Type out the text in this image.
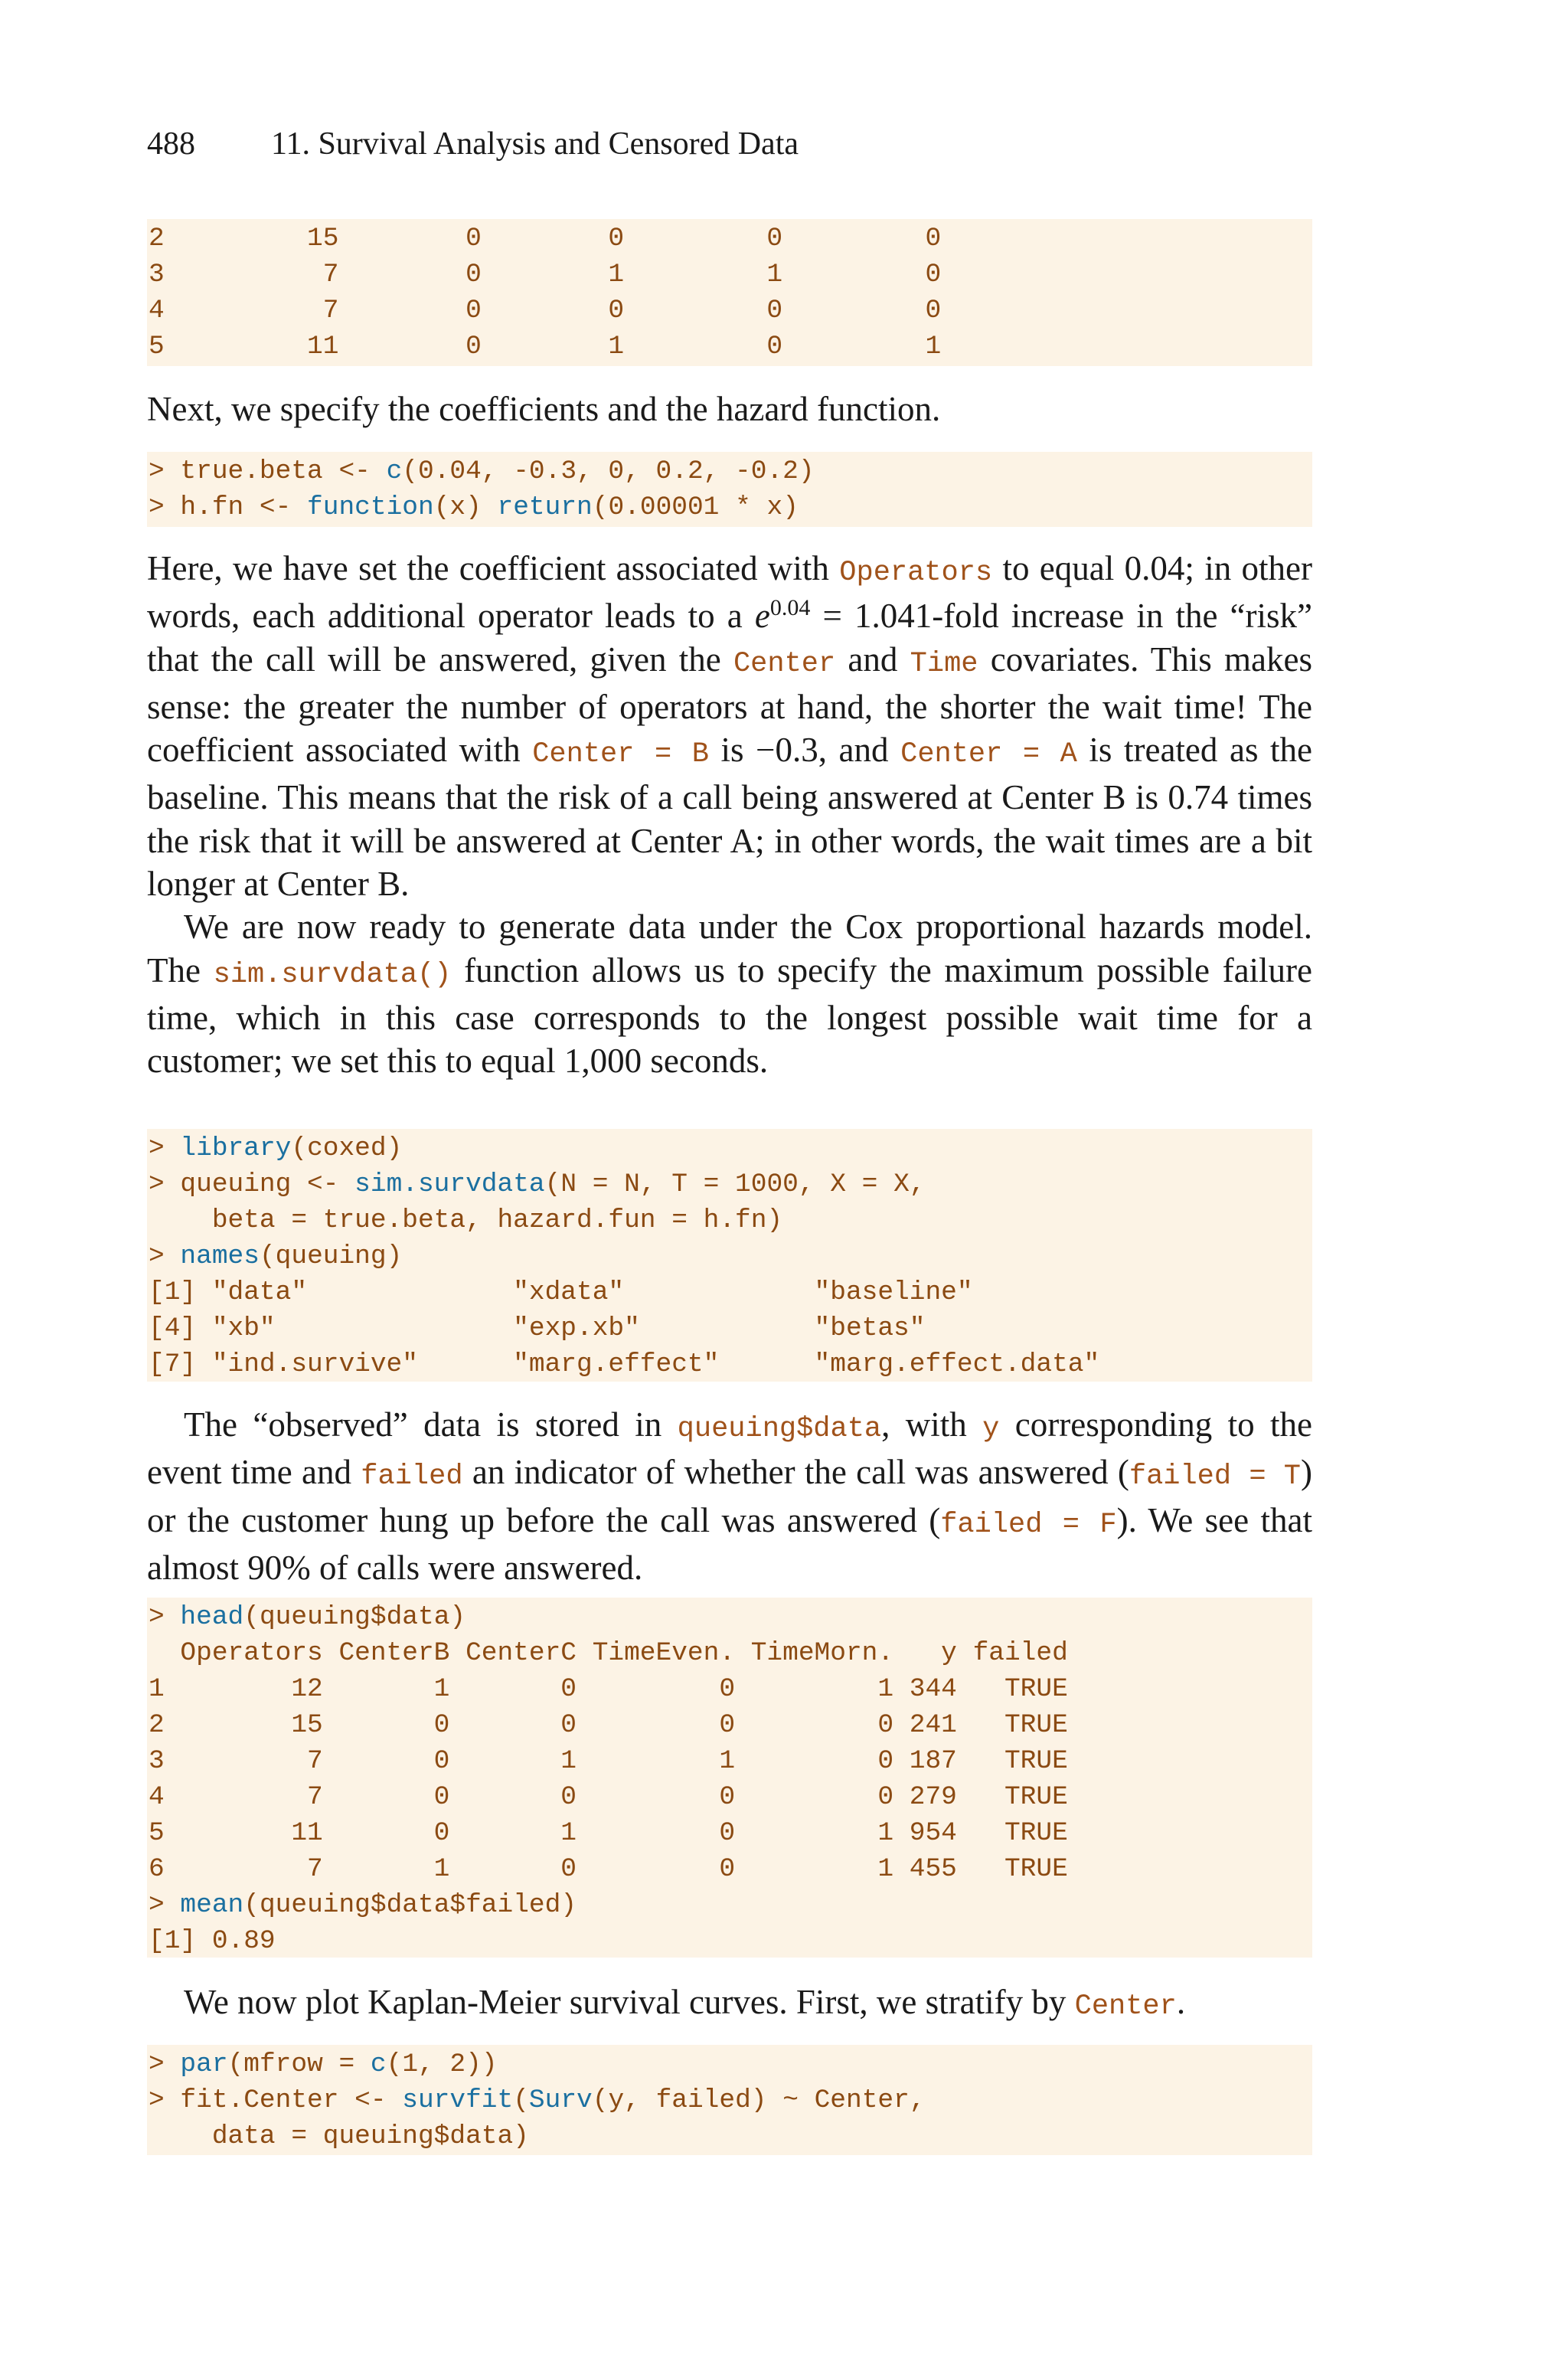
488 11. Survival Analysis and Censored Data
2         15        0        0         0         0
3          7        0        1         1         0
4          7        0        0         0         0
5         11        0        1         0         1

Next, we specify the coefficients and the hazard function.

> true.beta <- c(0.04, -0.3, 0, 0.2, -0.2)
> h.fn <- function(x) return(0.00001 * x)

Here, we have set the coefficient associated with Operators to equal 0.04; in other words, each additional operator leads to a $e^{0.04}$ = 1.041-fold increase in the “risk” that the call will be answered, given the Center and Time covariates. This makes sense: the greater the number of operators at hand, the shorter the wait time! The coefficient associated with Center = B is −0.3, and Center = A is treated as the baseline. This means that the risk of a call being answered at Center B is 0.74 times the risk that it will be answered at Center A; in other words, the wait times are a bit longer at Center B.

We are now ready to generate data under the Cox proportional hazards model. The sim.survdata() function allows us to specify the maximum possible failure time, which in this case corresponds to the longest possible wait time for a customer; we set this to equal 1,000 seconds.

> library(coxed)
> queuing <- sim.survdata(N = N, T = 1000, X = X,
beta = true.beta, hazard.fun = h.fn)
> names(queuing)
[1] "data"             "xdata"            "baseline"
[4] "xb"               "exp.xb"           "betas"
[7] "ind.survive"      "marg.effect"      "marg.effect.data"

The “observed” data is stored in queuing$data, with y corresponding to the event time and failed an indicator of whether the call was answered (failed = T) or the customer hung up before the call was answered (failed = F). We see that almost 90% of calls were answered.

> head(queuing$data)
Operators CenterB CenterC TimeEven. TimeMorn.   y failed
1        12       1       0         0         1 344   TRUE
2        15       0       0         0         0 241   TRUE
3         7       0       1         1         0 187   TRUE
4         7       0       0         0         0 279   TRUE
5        11       0       1         0         1 954   TRUE
6         7       1       0         0         1 455   TRUE
> mean(queuing$data$failed)
[1] 0.89

We now plot Kaplan-Meier survival curves. First, we stratify by Center.

> par(mfrow = c(1, 2))
> fit.Center <- survfit(Surv(y, failed) ~ Center,
data = queuing$data)
